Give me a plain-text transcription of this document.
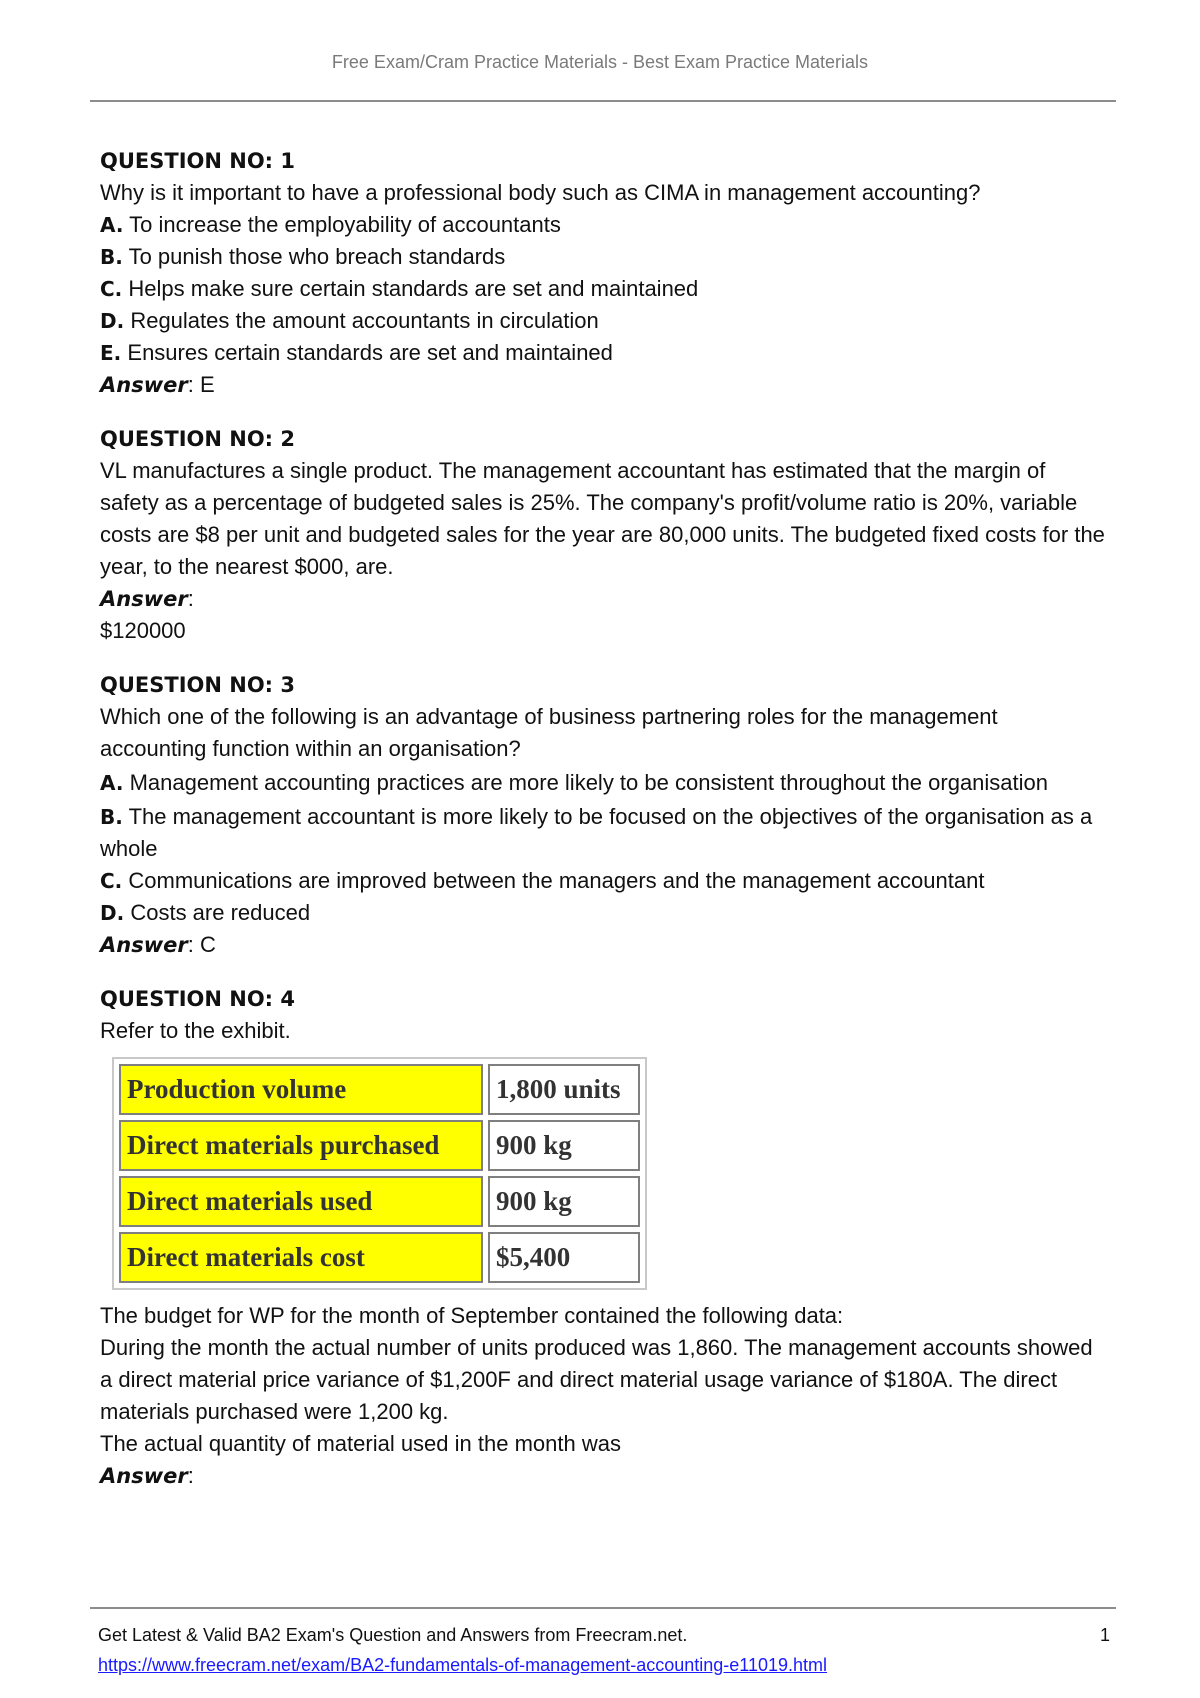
Free Exam/Cram Practice Materials - Best Exam Practice Materials

QUESTION NO: 1

Why is it important to have a professional body such as CIMA in management accounting?

A. To increase the employability of accountants

B. To punish those who breach standards

C. Helps make sure certain standards are set and maintained

D. Regulates the amount accountants in circulation

E. Ensures certain standards are set and maintained

Answer: E

QUESTION NO: 2

VL manufactures a single product. The management accountant has estimated that the margin of safety as a percentage of budgeted sales is 25%. The company's profit/volume ratio is 20%, variable costs are $8 per unit and budgeted sales for the year are 80,000 units. The budgeted fixed costs for the year, to the nearest $000, are.

Answer:

$120000

QUESTION NO: 3

Which one of the following is an advantage of business partnering roles for the management accounting function within an organisation?

A. Management accounting practices are more likely to be consistent throughout the organisation

B. The management accountant is more likely to be focused on the objectives of the organisation as a whole

C. Communications are improved between the managers and the management accountant

D. Costs are reduced

Answer: C

QUESTION NO: 4

Refer to the exhibit.

Production volume	1,800 units
Direct materials purchased	900 kg
Direct materials used	900 kg
Direct materials cost	$5,400

The budget for WP for the month of September contained the following data:

During the month the actual number of units produced was 1,860. The management accounts showed a direct material price variance of $1,200F and direct material usage variance of $180A. The direct materials purchased were 1,200 kg.

The actual quantity of material used in the month was

Answer:

Get Latest & Valid BA2 Exam's Question and Answers from Freecram.net.	1
https://www.freecram.net/exam/BA2-fundamentals-of-management-accounting-e11019.html
